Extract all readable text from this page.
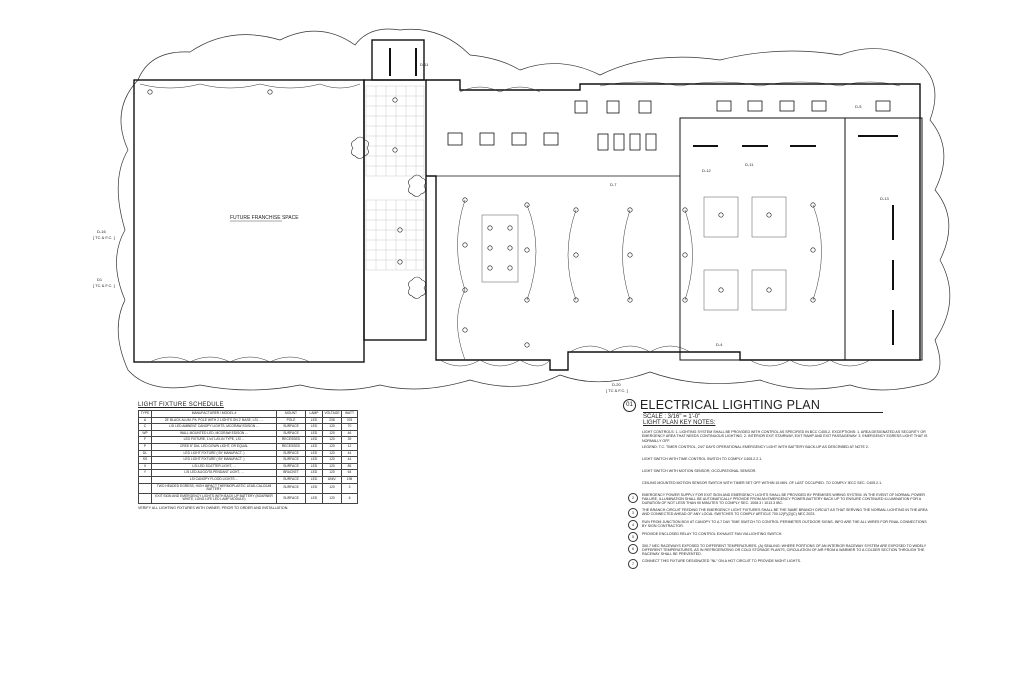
FUTURE FRANCHISE SPACE
D-16
[ TC & F.C. ]
D1
[ TC & F.C. ]
D-20
[ TC & F.C. ]
D-11
D-7
D-12
D-11
D-5
D-13
D-4
LIGHT FIXTURE SCHEDULE
TYPE	MANUFACTURER / MODEL #	MOUNT	LAMP	VOLTAGE	WATT
A	25' BLACK ALUM. P/L POLE WITH 2 LIGHTS ON 2' BASE, LSI - ...	POLE	LED	208	376
C	LSI LED AMBIENT CANOPY LIGHTS, MCGRAW EDISON ...	SURFACE	LED	120	70
WP	WALL MOUNTED LED, MCGRAW EDISON ...	SURFACE	LED	120	46
F	LED FIXTURE, 1'x4' LAY-IN TYPE, LSI ...	RECESSED	LED	120	39
P	CREE 6" DIA. LED DOWN LIGHT, OR EQUAL	RECESSED	LED	120	12
DL	LED LIGHT FIXTURE ( BY MANUFACT. )	SURFACE	LED	120	44
SS	LED LIGHT FIXTURE ( BY MANUFACT. )	SURFACE	LED	120	44
X	LSI LED SCATTER LIGHT, ...	SURFACE	LED	120	85
Y	LSI LED ALIGO/TA PENDANT LIGHT, ...	BRACKET	LED	120	64
	LSI CANOPY FLOOD LIGHTS ...	SURFACE	LED	UNIV.	195
	TWO HEADED EGRESS, HIGH IMPACT THERMOPLASTIC LEAD-CALCIUM BATTERY	SURFACE	LED	120	3
	EXIT SIGN AND EMERGENCY LIGHTS WITH BACK UP BATTERY (BOARNER WHITE, LONG LIFE LED LAMP MODULE)	SURFACE	LED	120	6
VERIFY ALL LIGHTING FIXTURES WITH OWNER, PRIOR TO ORDER AND INSTALLATION.
01 ELECTRICAL LIGHTING PLAN
SCALE : 3/16" = 1'-0"
LIGHT PLAN KEY NOTES:
LIGHT CONTROLS: 1. LIGHTING SYSTEM SHALL BE PROVIDED WITH CONTROL AS SPECIFIED IN BCC C405.2. EXCEPTIONS: 1. AREA DESIGNATED AS SECURITY OR EMERGENCY AREA THAT NEEDS CONTINUOUS LIGHTING. 2. INTERIOR EXIT STAIRWAY, EXIT RAMP AND EXIT PASSAGEWAY. 3. EMERGENCY EGRESS LIGHT THAT IS NORMALLY OFF.
LEGEND: T.C. TIMER CONTROL, 24/7 DAYS OPERATIONAL EMERGENCY LIGHT WITH BATTERY BACK-UP AS DESCRIBED AT NOTE 2.
LIGHT SWITCH WITH TIME CONTROL SWITCH TO COMPLY C405.2.2.1.
LIGHT SWITCH WITH MOTION SENSOR, OCCUPATIONAL SENSOR.
CEILING MOUNTED MOTION SENSOR SWITCH WITH TIMER SET OFF WITHIN 15 MIN. OF LAST OCCUPIED. TO COMPLY IECC SEC. C405.2.1.
2
EMERGENCY POWER SUPPLY FOR EXIT SIGN AND EMERGENCY LIGHTS SHALL BE PROVIDED BY PREMISES WIRING SYSTEM. IN THE EVENT OF NORMAL POWER FAILURE, ILLUMINATION SHALL BE AUTOMATICALLY PROVIDE FROM AN EMERGENCY POWER-BATTERY BACK UP TO ENSURE CONTINUED ILLUMINATION FOR A DURATION OF NOT LESS THAN 90 MINUTES TO COMPLY SEC. 1008.3 / 1013.3 IBC.
3
THE BRANCH CIRCUIT FEEDING THE EMERGENCY LIGHT FIXTURES SHALL BE THE SAME BRANCH CIRCUIT AS THAT SERVING THE NORMAL LIGHTING IN THE AREA AND CONNECTED AHEAD OF ANY LOCAL SWITCHES TO COMPLY ARTICLE 700.12(F)(2)(C) NEC 2023.
4
RUN FROM JUNCTION BOX AT CANOPY TO A 7 DAY TIME SWITCH TO CONTROL PERIMETER OUTDOOR SIGNS. INFO ARE THE ALL WIRES FOR FINAL CONNECTIONS BY SIGN CONTRACTOR.
5
PROVIDE ENCLOSED RELAY TO CONTROL EXHAUST FAN VIA LIGHTING SWITCH.
6
300.7 NEC RACEWAYS EXPOSED TO DIFFERENT TEMPERATURES. (A) SEALING: WHERE PORTIONS OF AN INTERIOR RACEWAY SYSTEM ARE EXPOSED TO WIDELY DIFFERENT TEMPERATURES, AS IN REFRIGERATING OR COLD STORAGE PLANTS, CIRCULATION OF AIR FROM A WARMER TO A COLDER SECTION THROUGH THE RACEWAY SHALL BE PREVENTED.
7
CONNECT THIS FIXTURE DESIGNATED "NL" ON A HOT CIRCUIT TO PROVIDE NIGHT LIGHTS.
